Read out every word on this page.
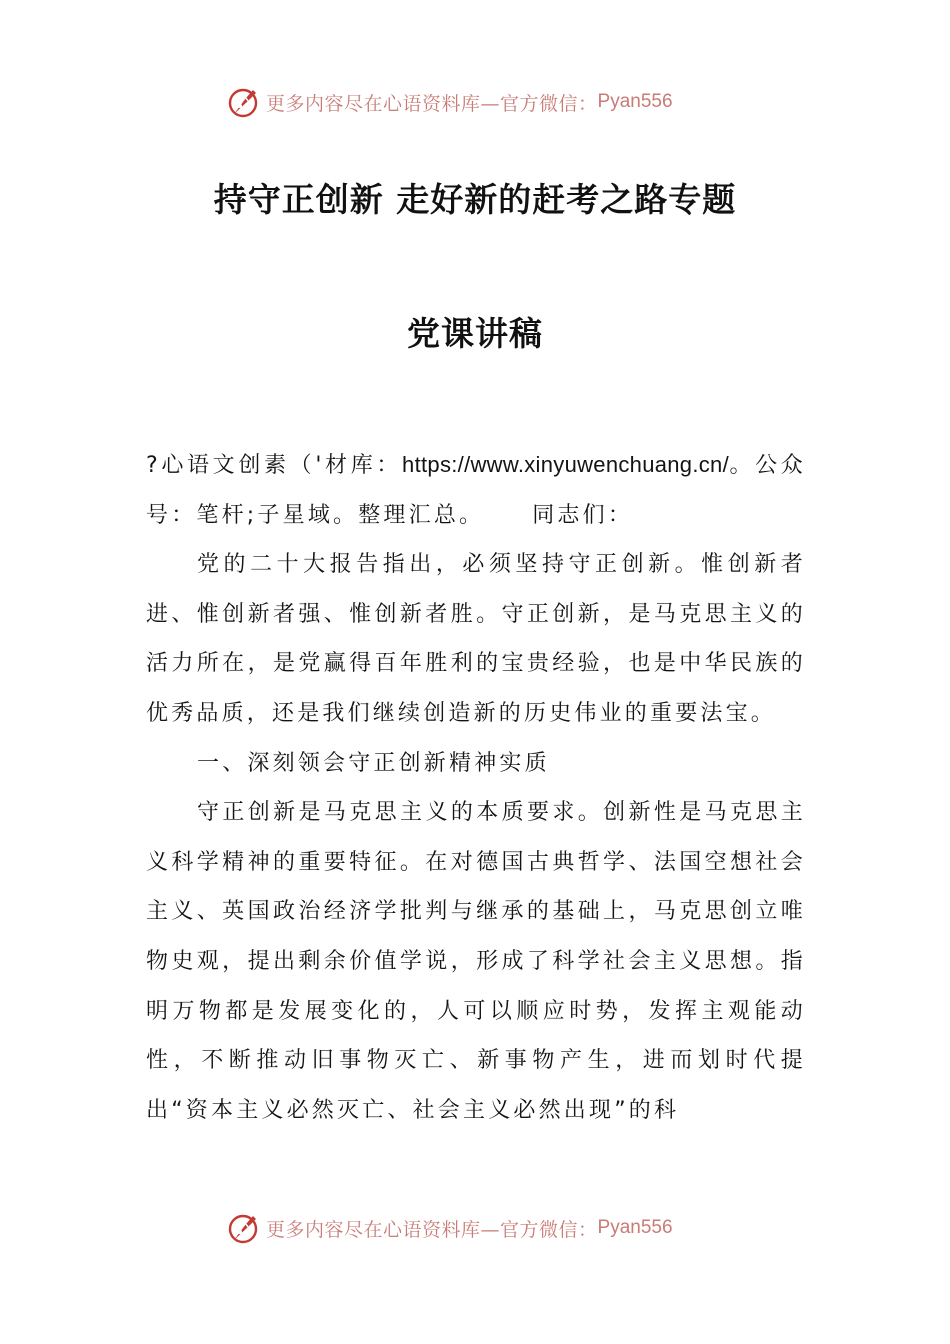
更多内容尽在心语资料库—官方微信： Pyan556
持守正创新 走好新的赶考之路专题
党课讲稿

?心语文创素（'材库：https://www.xinyuwenchuang.cn/。公众号：笔杆;子星域。整理汇总。 同志们：

党的二十大报告指出，必须坚持守正创新。惟创新者进、惟创新者强、惟创新者胜。守正创新，是马克思主义的活力所在，是党赢得百年胜利的宝贵经验，也是中华民族的优秀品质，还是我们继续创造新的历史伟业的重要法宝。

一、深刻领会守正创新精神实质

守正创新是马克思主义的本质要求。创新性是马克思主义科学精神的重要特征。在对德国古典哲学、法国空想社会主义、英国政治经济学批判与继承的基础上，马克思创立唯物史观，提出剩余价值学说，形成了科学社会主义思想。指明万物都是发展变化的，人可以顺应时势，发挥主观能动性，不断推动旧事物灭亡、新事物产生，进而划时代提出“资本主义必然灭亡、社会主义必然出现”的科

更多内容尽在心语资料库—官方微信： Pyan556
